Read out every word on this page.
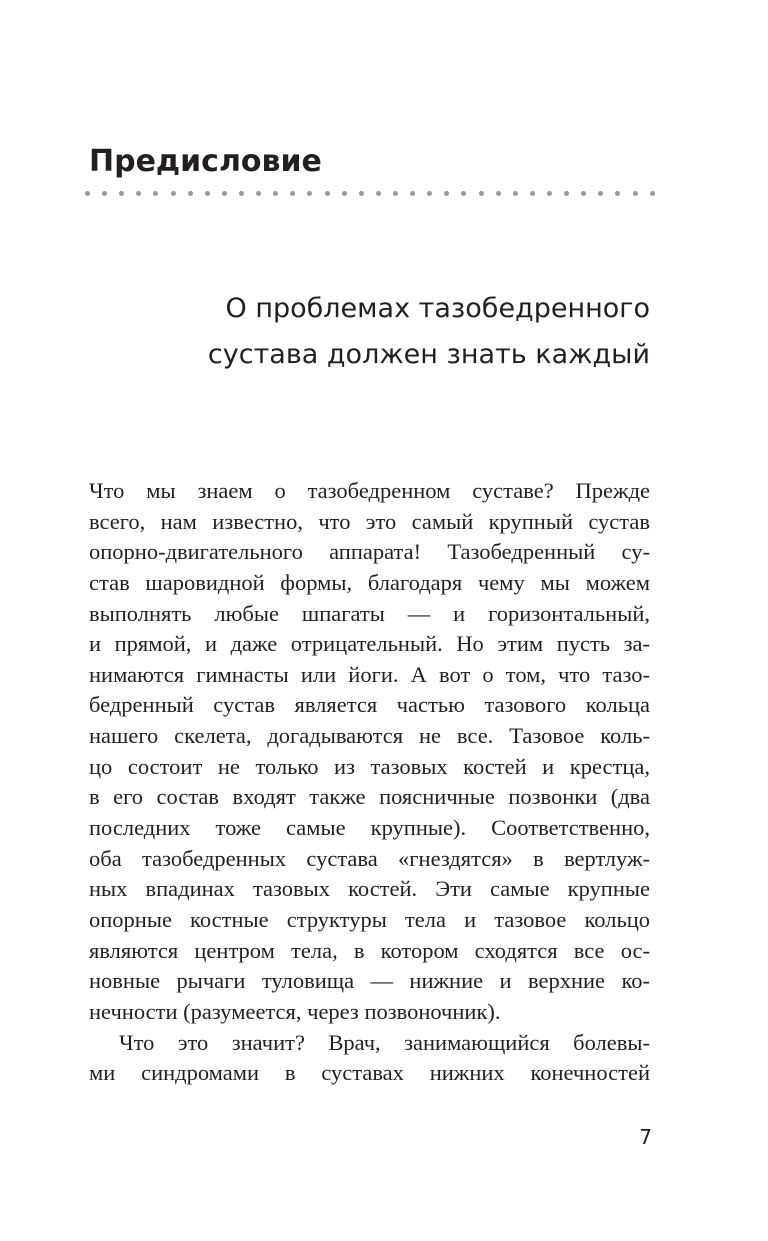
Предисловие
О проблемах тазобедренного
сустава должен знать каждый
Что мы знаем о тазобедренном суставе? Прежде
всего, нам известно, что это самый крупный сустав
опорно-двигательного аппарата! Тазобедренный су-
став шаровидной формы, благодаря чему мы можем
выполнять любые шпагаты — и горизонтальный,
и прямой, и даже отрицательный. Но этим пусть за-
нимаются гимнасты или йоги. А вот о том, что тазо-
бедренный сустав является частью тазового кольца
нашего скелета, догадываются не все. Тазовое коль-
цо состоит не только из тазовых костей и крестца,
в его состав входят также поясничные позвонки (два
последних тоже самые крупные). Соответственно,
оба тазобедренных сустава «гнездятся» в вертлуж-
ных впадинах тазовых костей. Эти самые крупные
опорные костные структуры тела и тазовое кольцо
являются центром тела, в котором сходятся все ос-
новные рычаги туловища — нижние и верхние ко-
нечности (разумеется, через позвоночник).
Что это значит? Врач, занимающийся болевы-
ми синдромами в суставах нижних конечностей
7
